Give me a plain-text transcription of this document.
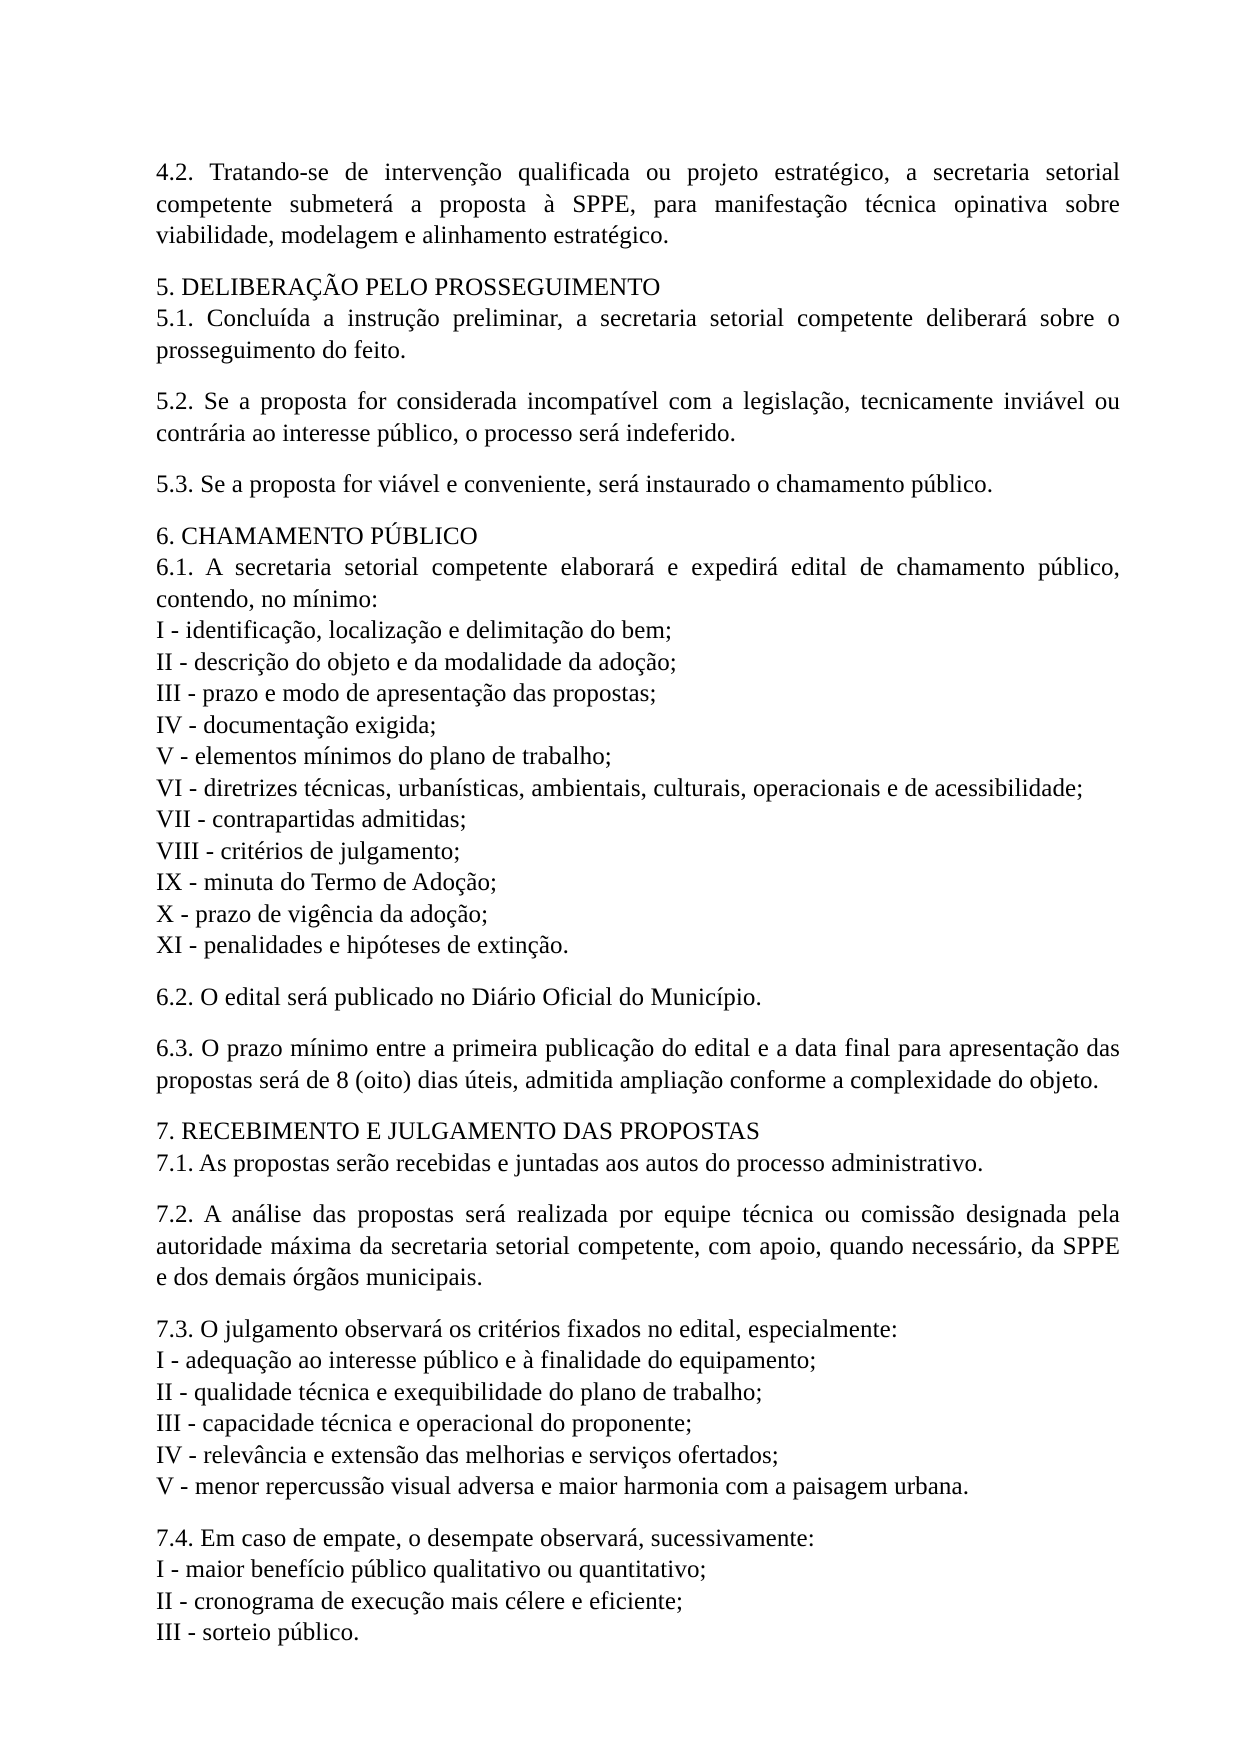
4.2. Tratando-se de intervenção qualificada ou projeto estratégico, a secretaria setorial competente submeterá a proposta à SPPE, para manifestação técnica opinativa sobre viabilidade, modelagem e alinhamento estratégico.

5. DELIBERAÇÃO PELO PROSSEGUIMENTO

5.1. Concluída a instrução preliminar, a secretaria setorial competente deliberará sobre o prosseguimento do feito.

5.2. Se a proposta for considerada incompatível com a legislação, tecnicamente inviável ou contrária ao interesse público, o processo será indeferido.

5.3. Se a proposta for viável e conveniente, será instaurado o chamamento público.

6. CHAMAMENTO PÚBLICO

6.1. A secretaria setorial competente elaborará e expedirá edital de chamamento público, contendo, no mínimo:

I - identificação, localização e delimitação do bem;

II - descrição do objeto e da modalidade da adoção;

III - prazo e modo de apresentação das propostas;

IV - documentação exigida;

V - elementos mínimos do plano de trabalho;

VI - diretrizes técnicas, urbanísticas, ambientais, culturais, operacionais e de acessibilidade;

VII - contrapartidas admitidas;

VIII - critérios de julgamento;

IX - minuta do Termo de Adoção;

X - prazo de vigência da adoção;

XI - penalidades e hipóteses de extinção.

6.2. O edital será publicado no Diário Oficial do Município.

6.3. O prazo mínimo entre a primeira publicação do edital e a data final para apresentação das propostas será de 8 (oito) dias úteis, admitida ampliação conforme a complexidade do objeto.

7. RECEBIMENTO E JULGAMENTO DAS PROPOSTAS

7.1. As propostas serão recebidas e juntadas aos autos do processo administrativo.

7.2. A análise das propostas será realizada por equipe técnica ou comissão designada pela autoridade máxima da secretaria setorial competente, com apoio, quando necessário, da SPPE e dos demais órgãos municipais.

7.3. O julgamento observará os critérios fixados no edital, especialmente:

I - adequação ao interesse público e à finalidade do equipamento;

II - qualidade técnica e exequibilidade do plano de trabalho;

III - capacidade técnica e operacional do proponente;

IV - relevância e extensão das melhorias e serviços ofertados;

V - menor repercussão visual adversa e maior harmonia com a paisagem urbana.

7.4. Em caso de empate, o desempate observará, sucessivamente:

I - maior benefício público qualitativo ou quantitativo;

II - cronograma de execução mais célere e eficiente;

III - sorteio público.
